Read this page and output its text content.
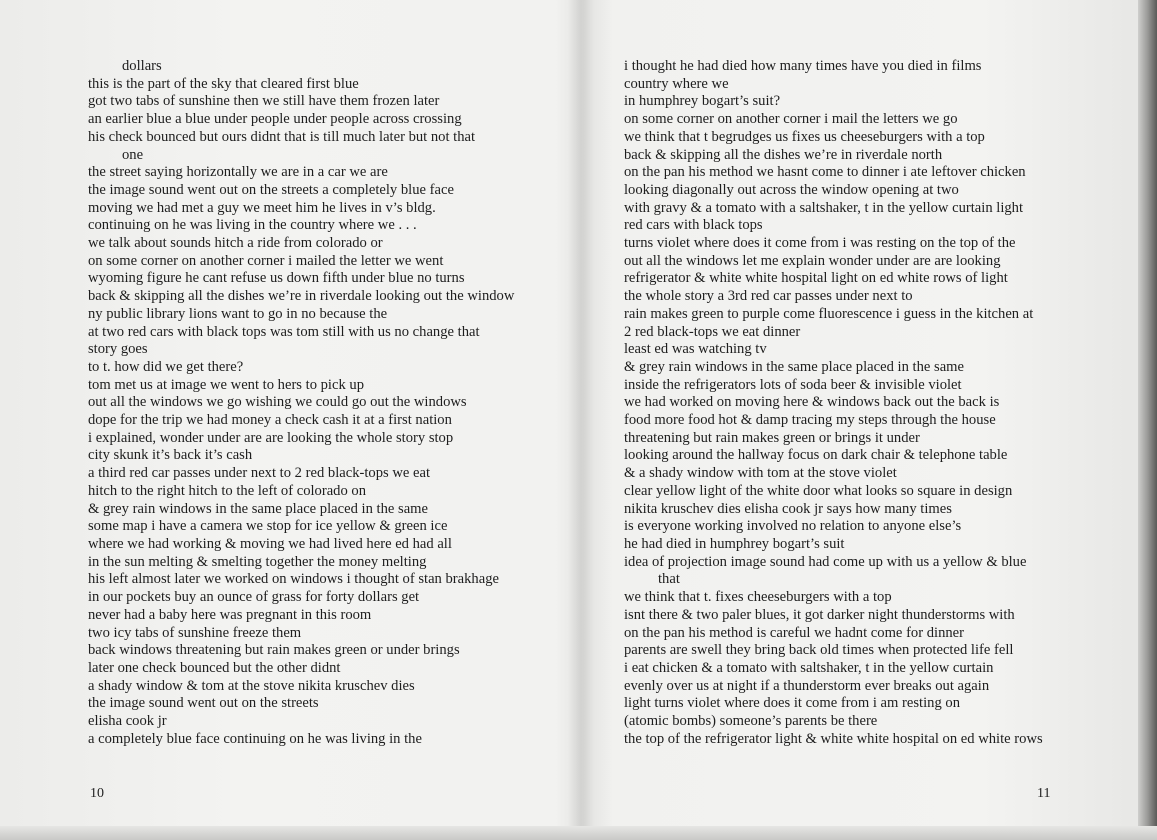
dollars
this is the part of the sky that cleared first blue
got two tabs of sunshine then we still have them frozen later
an earlier blue a blue under people under people across crossing
his check bounced but ours didnt that is till much later but not that
one
the street saying horizontally we are in a car we are
the image sound went out on the streets a completely blue face
moving we had met a guy we meet him he lives in v’s bldg.
continuing on he was living in the country where we . . .
we talk about sounds hitch a ride from colorado or
on some corner on another corner i mailed the letter we went
wyoming figure he cant refuse us down fifth under blue no turns
back & skipping all the dishes we’re in riverdale looking out the window
ny public library lions want to go in no because the
at two red cars with black tops was tom still with us no change that
story goes
to t. how did we get there?
tom met us at image we went to hers to pick up
out all the windows we go wishing we could go out the windows
dope for the trip we had money a check cash it at a first nation
i explained, wonder under are are looking the whole story stop
city skunk it’s back it’s cash
a third red car passes under next to 2 red black-tops we eat
hitch to the right hitch to the left of colorado on
& grey rain windows in the same place placed in the same
some map i have a camera we stop for ice yellow & green ice
where we had working & moving we had lived here ed had all
in the sun melting & smelting together the money melting
his left almost later we worked on windows i thought of stan brakhage
in our pockets buy an ounce of grass for forty dollars get
never had a baby here was pregnant in this room
two icy tabs of sunshine freeze them
back windows threatening but rain makes green or under brings
later one check bounced but the other didnt
a shady window & tom at the stove nikita kruschev dies
the image sound went out on the streets
elisha cook jr
a completely blue face continuing on he was living in the
i thought he had died how many times have you died in films
country where we
in humphrey bogart’s suit?
on some corner on another corner i mail the letters we go
we think that t begrudges us fixes us cheeseburgers with a top
back & skipping all the dishes we’re in riverdale north
on the pan his method we hasnt come to dinner i ate leftover chicken
looking diagonally out across the window opening at two
with gravy & a tomato with a saltshaker, t in the yellow curtain light
red cars with black tops
turns violet where does it come from i was resting on the top of the
out all the windows let me explain wonder under are are looking
refrigerator & white white hospital light on ed white rows of light
the whole story a 3rd red car passes under next to
rain makes green to purple come fluorescence i guess in the kitchen at
2 red black-tops we eat dinner
least ed was watching tv
& grey rain windows in the same place placed in the same
inside the refrigerators lots of soda beer & invisible violet
we had worked on moving here & windows back out the back is
food more food hot & damp tracing my steps through the house
threatening but rain makes green or brings it under
looking around the hallway focus on dark chair & telephone table
& a shady window with tom at the stove violet
clear yellow light of the white door what looks so square in design
nikita kruschev dies elisha cook jr says how many times
is everyone working involved no relation to anyone else’s
he had died in humphrey bogart’s suit
idea of projection image sound had come up with us a yellow & blue
that
we think that t. fixes cheeseburgers with a top
isnt there & two paler blues, it got darker night thunderstorms with
on the pan his method is careful we hadnt come for dinner
parents are swell they bring back old times when protected life fell
i eat chicken & a tomato with saltshaker, t in the yellow curtain
evenly over us at night if a thunderstorm ever breaks out again
light turns violet where does it come from i am resting on
(atomic bombs) someone’s parents be there
the top of the refrigerator light & white white hospital on ed white rows
10	11
